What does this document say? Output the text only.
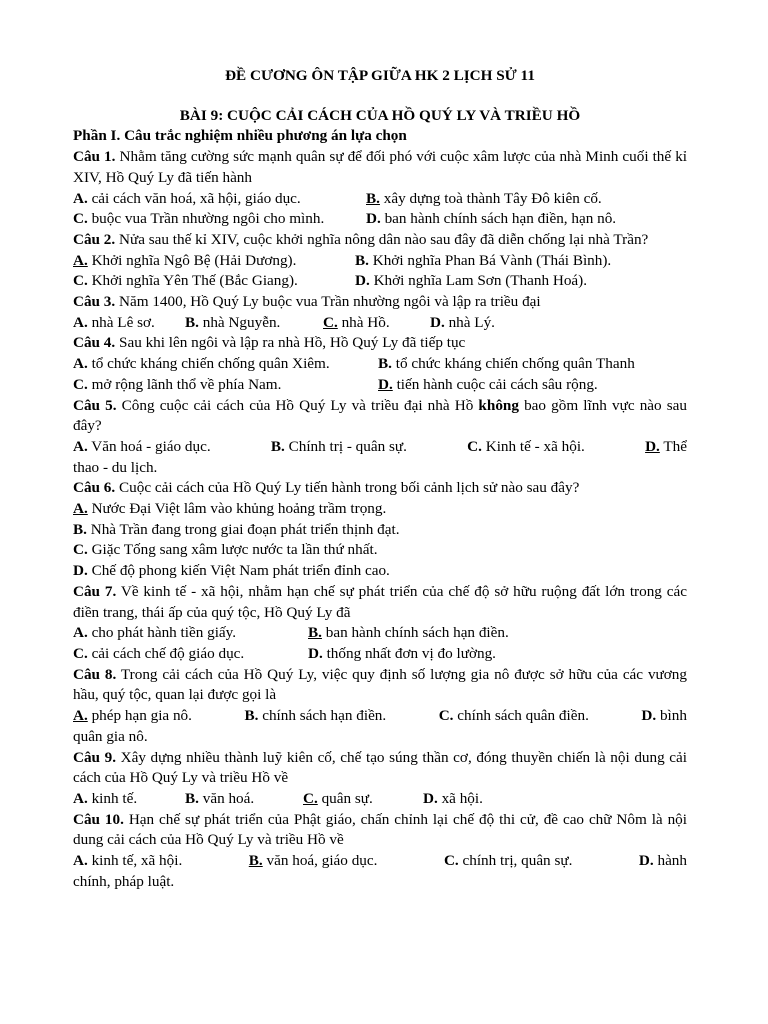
ĐỀ CƯƠNG ÔN TẬP GIỮA HK 2 LỊCH SỬ 11
BÀI 9: CUỘC CẢI CÁCH CỦA HỒ QUÝ LY VÀ TRIỀU HỒ
Phần I. Câu trắc nghiệm nhiều phương án lựa chọn
Câu 1. Nhằm tăng cường sức mạnh quân sự để đối phó với cuộc xâm lược của nhà Minh cuối thế kỉ XIV, Hồ Quý Ly đã tiến hành
A. cải cách văn hoá, xã hội, giáo dục.	B. xây dựng toà thành Tây Đô kiên cố.
C. buộc vua Trần nhường ngôi cho mình.	D. ban hành chính sách hạn điền, hạn nô.
Câu 2. Nửa sau thế kỉ XIV, cuộc khởi nghĩa nông dân nào sau đây đã diễn chống lại nhà Trần?
A. Khởi nghĩa Ngô Bệ (Hải Dương).	B. Khởi nghĩa Phan Bá Vành (Thái Bình).
C. Khởi nghĩa Yên Thế (Bắc Giang).	D. Khởi nghĩa Lam Sơn (Thanh Hoá).
Câu 3. Năm 1400, Hồ Quý Ly buộc vua Trần nhường ngôi và lập ra triều đại
A. nhà Lê sơ.	B. nhà Nguyễn.	C. nhà Hồ.	D. nhà Lý.
Câu 4. Sau khi lên ngôi và lập ra nhà Hồ, Hồ Quý Ly đã tiếp tục
A. tổ chức kháng chiến chống quân Xiêm.	B. tổ chức kháng chiến chống quân Thanh
C. mở rộng lãnh thổ về phía Nam.	D. tiến hành cuộc cải cách sâu rộng.
Câu 5. Công cuộc cải cách của Hồ Quý Ly và triều đại nhà Hồ không bao gồm lĩnh vực nào sau đây?
A. Văn hoá - giáo dục.	B. Chính trị - quân sự.	C. Kinh tế - xã hội.	D. Thể
thao - du lịch.
Câu 6. Cuộc cải cách của Hồ Quý Ly tiến hành trong bối cảnh lịch sử nào sau đây?
A. Nước Đại Việt lâm vào khủng hoảng trầm trọng.
B. Nhà Trần đang trong giai đoạn phát triển thịnh đạt.
C. Giặc Tống sang xâm lược nước ta lần thứ nhất.
D. Chế độ phong kiến Việt Nam phát triển đỉnh cao.
Câu 7. Về kinh tế - xã hội, nhằm hạn chế sự phát triển của chế độ sở hữu ruộng đất lớn trong các điền trang, thái ấp của quý tộc, Hồ Quý Ly đã
A. cho phát hành tiền giấy.	B. ban hành chính sách hạn điền.
C. cải cách chế độ giáo dục.	D. thống nhất đơn vị đo lường.
Câu 8. Trong cải cách của Hồ Quý Ly, việc quy định số lượng gia nô được sở hữu của các vương hầu, quý tộc, quan lại được gọi là
A. phép hạn gia nô.	B. chính sách hạn điền.	C. chính sách quân điền.	D. bình
quân gia nô.
Câu 9. Xây dựng nhiều thành luỹ kiên cố, chế tạo súng thần cơ, đóng thuyền chiến là nội dung cải cách của Hồ Quý Ly và triều Hồ về
A. kinh tế.	B. văn hoá.	C. quân sự.	D. xã hội.
Câu 10. Hạn chế sự phát triển của Phật giáo, chấn chỉnh lại chế độ thi cử, đề cao chữ Nôm là nội dung cải cách của Hồ Quý Ly và triều Hồ về
A. kinh tế, xã hội.	B. văn hoá, giáo dục.	C. chính trị, quân sự.	D. hành
chính, pháp luật.
